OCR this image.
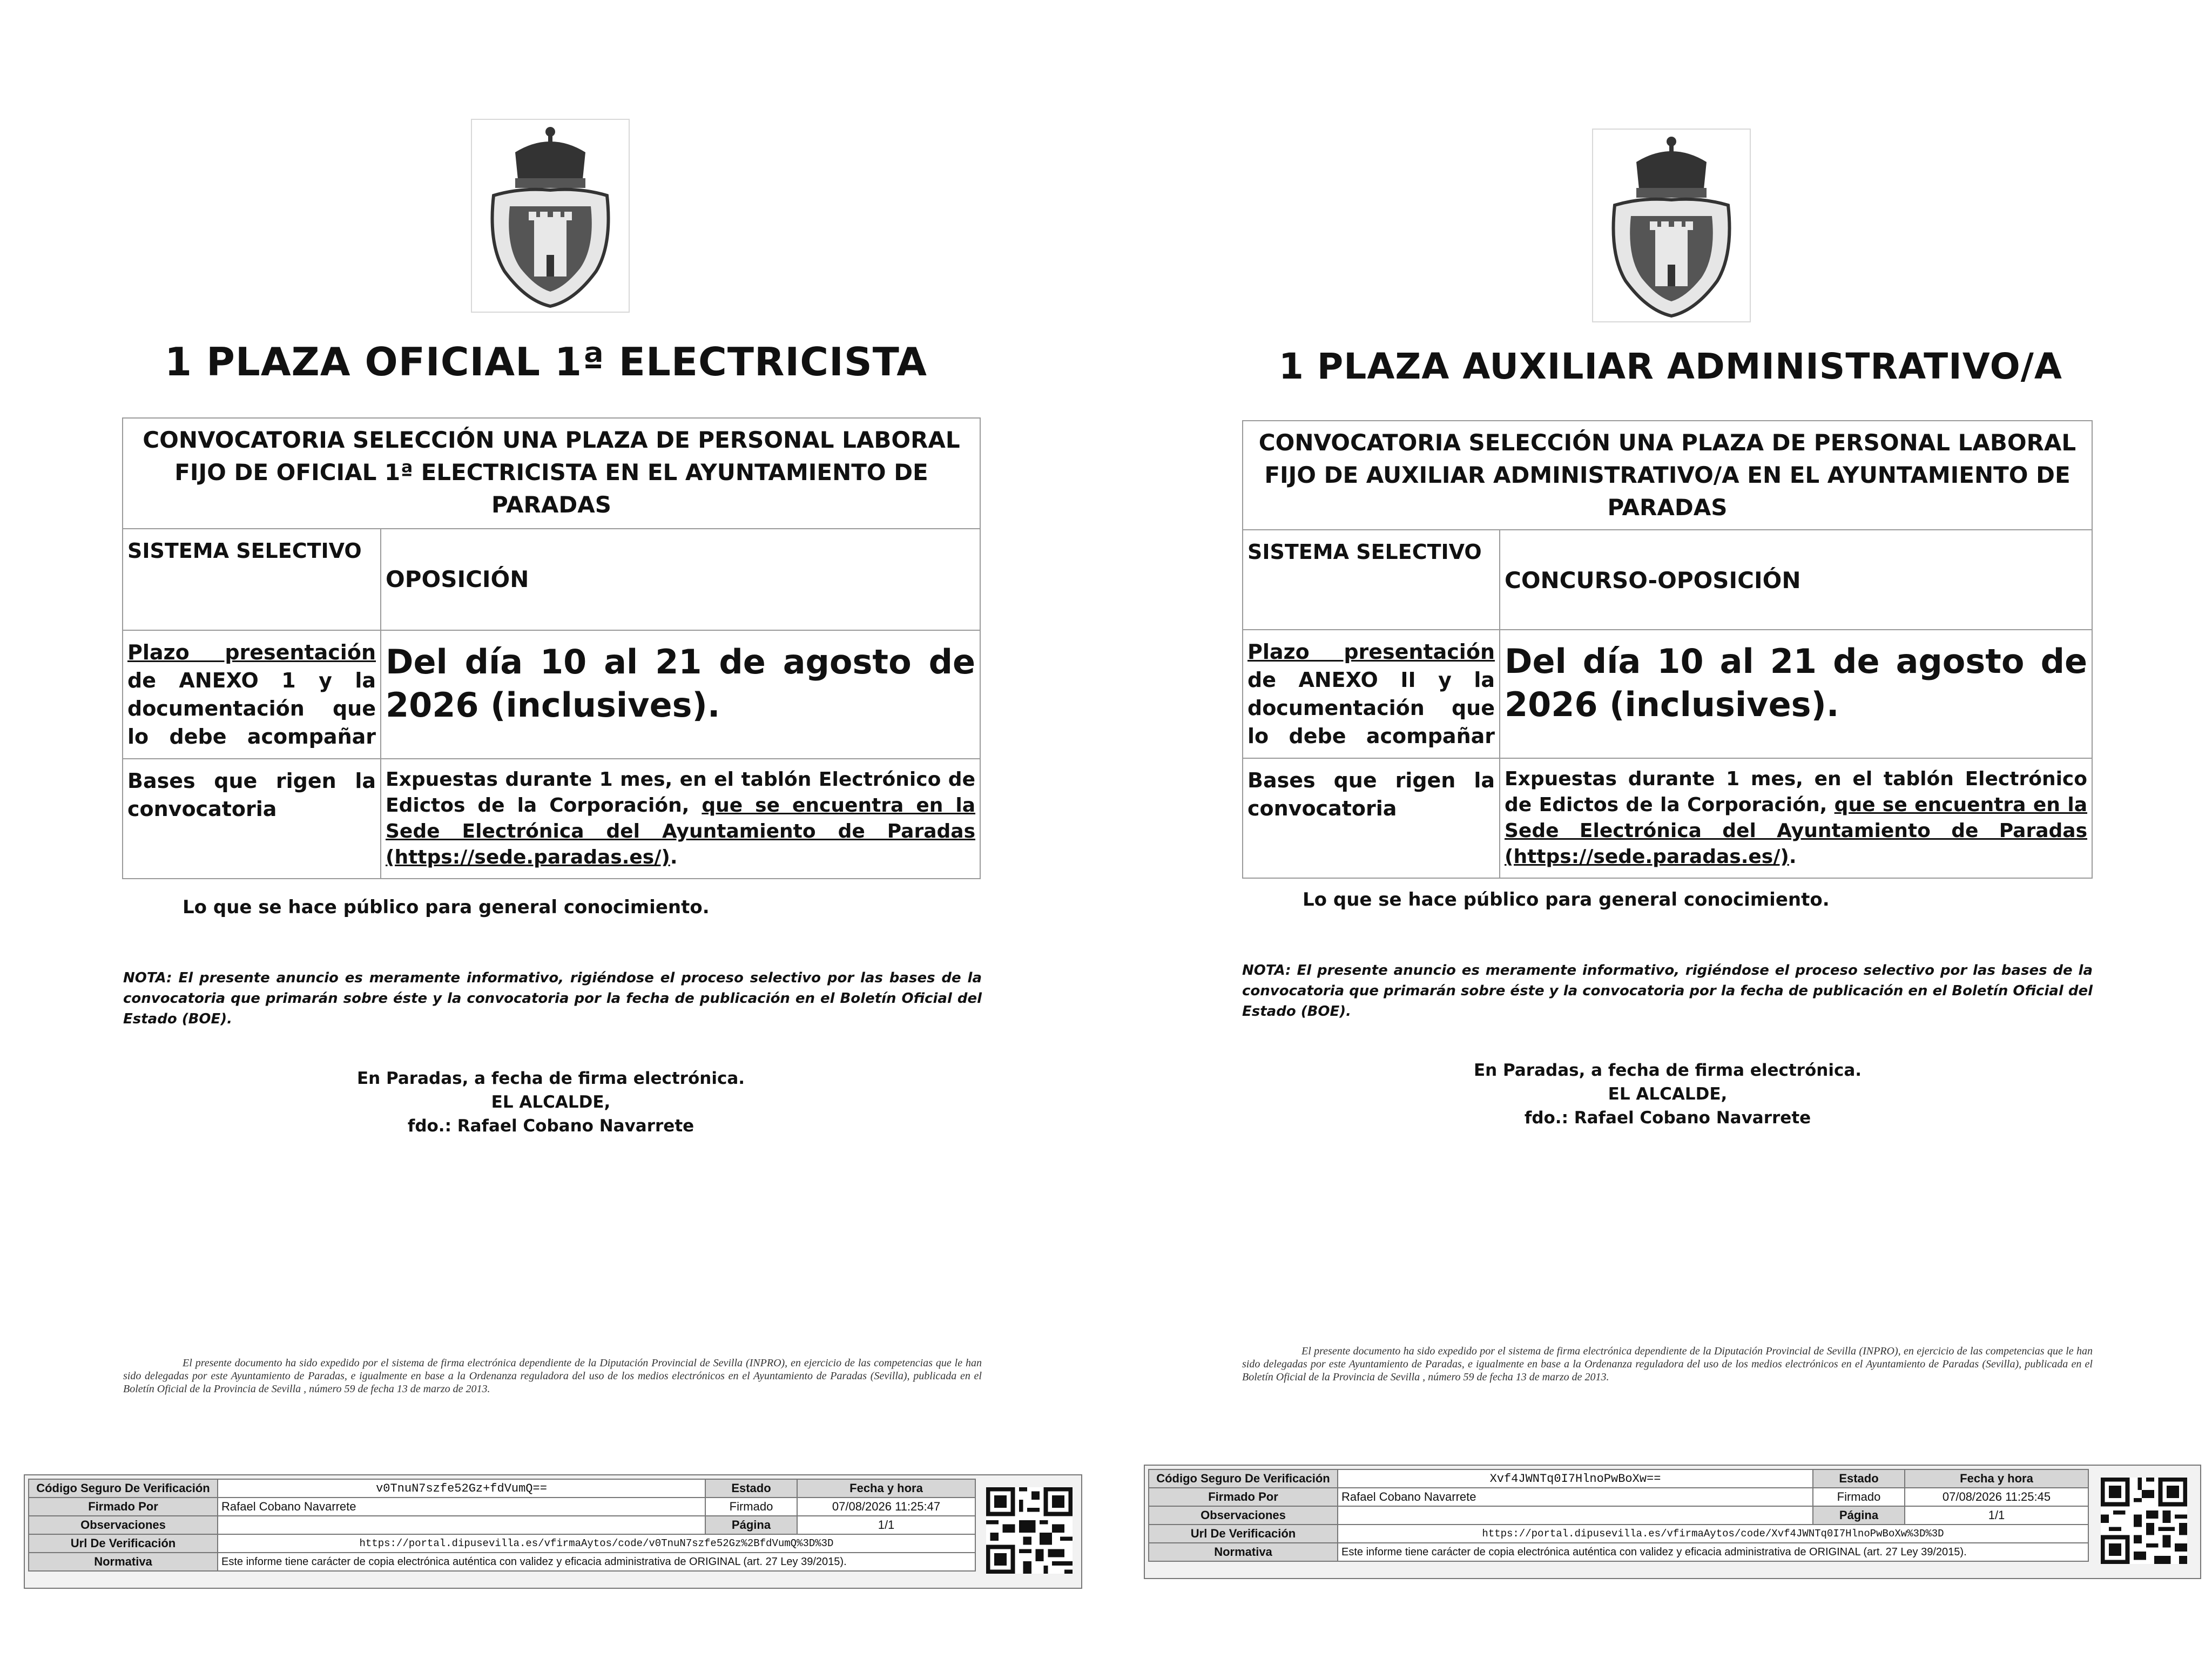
1 PLAZA OFICIAL 1ª ELECTRICISTA
CONVOCATORIA SELECCIÓN UNA PLAZA DE PERSONAL LABORAL FIJO DE OFICIAL 1ª ELECTRICISTA EN EL AYUNTAMIENTO DE PARADAS	
SISTEMA SELECTIVO	OPOSICIÓN
Plazo presentación de ANEXO 1 y la documentación que lo debe acompañar	Del día 10 al 21 de agosto de 2026 (inclusives).
Bases que rigen la convocatoria	Expuestas durante 1 mes, en el tablón Electrónico de Edictos de la Corporación, que se encuentra en la Sede Electrónica del Ayuntamiento de Paradas (https://sede.paradas.es/).
Lo que se hace público para general conocimiento.
NOTA: El presente anuncio es meramente informativo, rigiéndose el proceso selectivo por las bases de la convocatoria que primarán sobre éste y la convocatoria por la fecha de publicación en el Boletín Oficial del Estado (BOE).
En Paradas, a fecha de firma electrónica.
EL ALCALDE,
fdo.: Rafael Cobano Navarrete
El presente documento ha sido expedido por el sistema de firma electrónica dependiente de la Diputación Provincial de Sevilla (INPRO), en ejercicio de las competencias que le han sido delegadas por este Ayuntamiento de Paradas, e igualmente en base a la Ordenanza reguladora del uso de los medios electrónicos en el Ayuntamiento de Paradas (Sevilla), publicada en el Boletín Oficial de la Provincia de Sevilla , número 59 de fecha 13 de marzo de 2013.
Código Seguro De Verificación	v0TnuN7szfe52Gz+fdVumQ==	Estado	Fecha y hora
Firmado Por	Rafael Cobano Navarrete	Firmado	07/08/2026 11:25:47
Observaciones		Página	1/1
Url De Verificación	https://portal.dipusevilla.es/vfirmaAytos/code/v0TnuN7szfe52Gz%2BfdVumQ%3D%3D		
Normativa	Este informe tiene carácter de copia electrónica auténtica con validez y eficacia administrativa de ORIGINAL (art. 27 Ley 39/2015).		
1 PLAZA AUXILIAR ADMINISTRATIVO/A
CONVOCATORIA SELECCIÓN UNA PLAZA DE PERSONAL LABORAL FIJO DE AUXILIAR ADMINISTRATIVO/A EN EL AYUNTAMIENTO DE PARADAS	
SISTEMA SELECTIVO	CONCURSO-OPOSICIÓN
Plazo presentación de ANEXO II y la documentación que lo debe acompañar	Del día 10 al 21 de agosto de 2026 (inclusives).
Bases que rigen la convocatoria	Expuestas durante 1 mes, en el tablón Electrónico de Edictos de la Corporación, que se encuentra en la Sede Electrónica del Ayuntamiento de Paradas (https://sede.paradas.es/).
Lo que se hace público para general conocimiento.
NOTA: El presente anuncio es meramente informativo, rigiéndose el proceso selectivo por las bases de la convocatoria que primarán sobre éste y la convocatoria por la fecha de publicación en el Boletín Oficial del Estado (BOE).
En Paradas, a fecha de firma electrónica.
EL ALCALDE,
fdo.: Rafael Cobano Navarrete
El presente documento ha sido expedido por el sistema de firma electrónica dependiente de la Diputación Provincial de Sevilla (INPRO), en ejercicio de las competencias que le han sido delegadas por este Ayuntamiento de Paradas, e igualmente en base a la Ordenanza reguladora del uso de los medios electrónicos en el Ayuntamiento de Paradas (Sevilla), publicada en el Boletín Oficial de la Provincia de Sevilla , número 59 de fecha 13 de marzo de 2013.
Código Seguro De Verificación	Xvf4JWNTq0I7HlnoPwBoXw==	Estado	Fecha y hora
Firmado Por	Rafael Cobano Navarrete	Firmado	07/08/2026 11:25:45
Observaciones		Página	1/1
Url De Verificación	https://portal.dipusevilla.es/vfirmaAytos/code/Xvf4JWNTq0I7HlnoPwBoXw%3D%3D		
Normativa	Este informe tiene carácter de copia electrónica auténtica con validez y eficacia administrativa de ORIGINAL (art. 27 Ley 39/2015).		
